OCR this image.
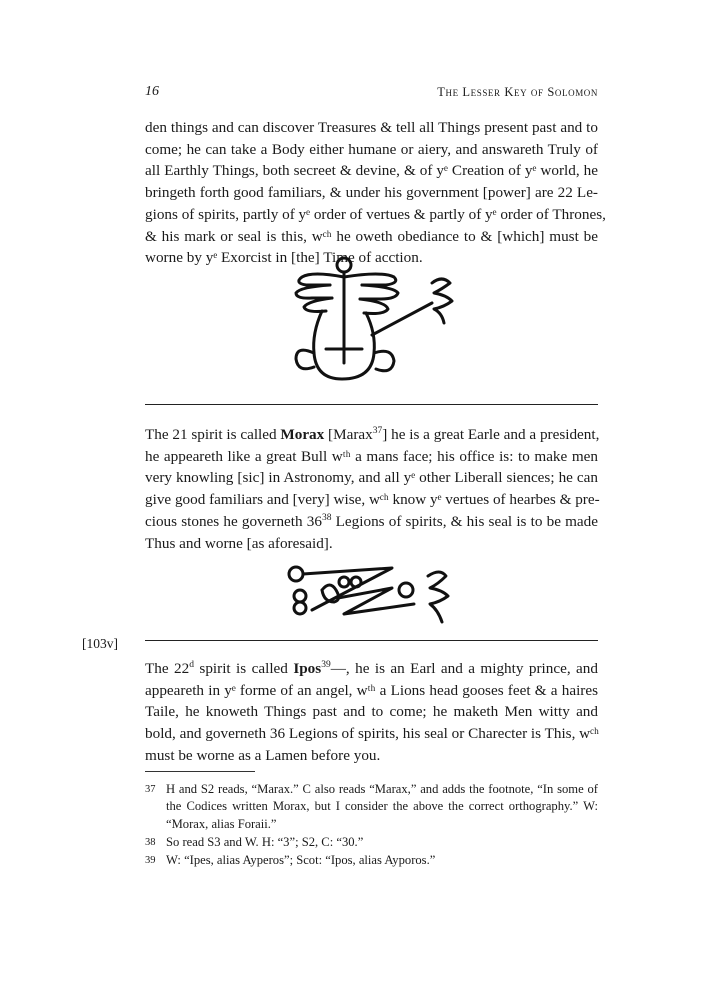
16	The Lesser Key of Solomon

den things and can discover Treasures & tell all Things present past and to
come; he can take a Body either humane or aiery, and answareth Truly of
all Earthly Things, both secreet & devine, & of yᵉ Creation of yᵉ world, he
bringeth forth good familiars, & under his government [power] are 22 Le-
gions of spirits, partly of yᵉ order of vertues & partly of yᵉ order of Thrones,
& his mark or seal is this, wᶜʰ he oweth obediance to & [which] must be
worne by yᵉ Exorcist in [the] Time of acction.

The 21 spirit is called Morax [Marax$^{37}$] he is a great Earle and a president,
he appeareth like a great Bull wᵗʰ a mans face; his office is: to make men
very knowling [sic] in Astronomy, and all yᵉ other Liberall siences; he can
give good familiars and [very] wise, wᶜʰ know yᵉ vertues of hearbes & pre-
cious stones he governeth $36^{38}$ Legions of spirits, & his seal is to be made
Thus and worne [as aforesaid].

[103v]

The 22$^d$ spirit is called Ipos$^{39}$—, he is an Earl and a mighty prince, and
appeareth in yᵉ forme of an angel, wᵗʰ a Lions head gooses feet & a haires
Taile, he knoweth Things past and to come; he maketh Men witty and
bold, and governeth 36 Legions of spirits, his seal or Charecter is This, wᶜʰ
must be worne as a Lamen before you.

37 H and S2 reads, “Marax.” C also reads “Marax,” and adds the footnote, “In some of
the Codices written Morax, but I consider the above the correct orthography.” W:
“Morax, alias Foraii.”
38 So read S3 and W. H: “3”; S2, C: “30.”
39 W: “Ipes, alias Ayperos”; Scot: “Ipos, alias Ayporos.”
